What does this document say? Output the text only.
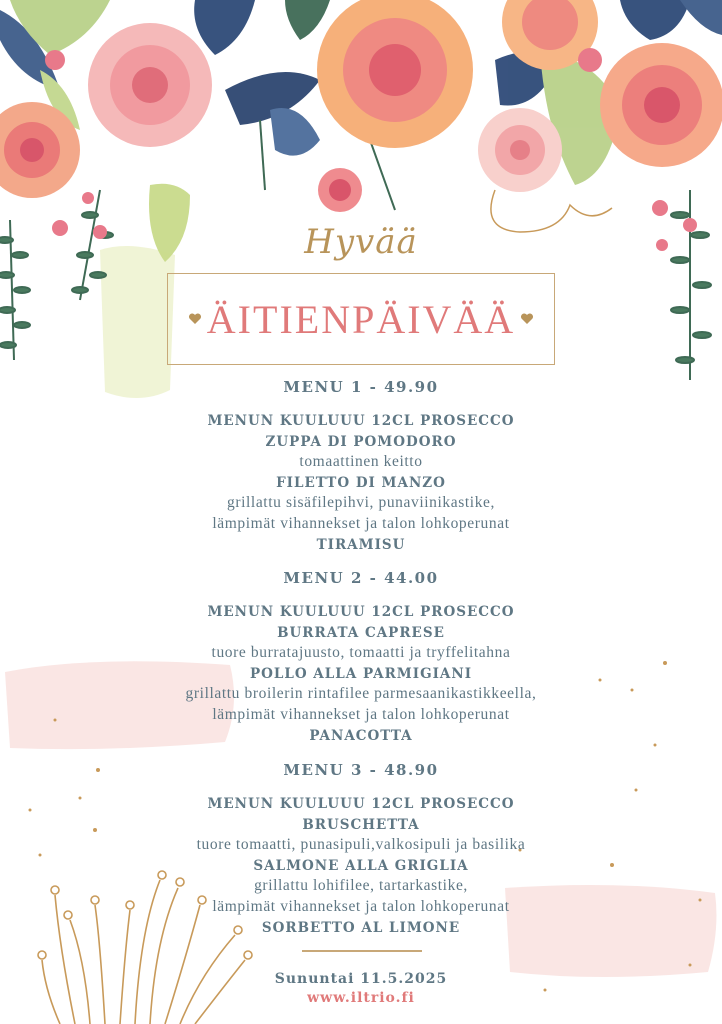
Hyvää
ÄITIENPÄIVÄÄ
MENU 1 - 49.90
MENUN KUULUUU 12CL PROSECCO
ZUPPA DI POMODORO
tomaattinen keitto
FILETTO DI MANZO
grillattu sisäfilepihvi, punaviinikastike,
lämpimät vihannekset ja talon lohkoperunat
TIRAMISU
MENU 2 - 44.00
MENUN KUULUUU 12CL PROSECCO
BURRATA CAPRESE
tuore burratajuusto, tomaatti ja tryffelitahna
POLLO ALLA PARMIGIANI
grillattu broilerin rintafilee parmesaanikastikkeella,
lämpimät vihannekset ja talon lohkoperunat
PANACOTTA
MENU 3 - 48.90
MENUN KUULUUU 12CL PROSECCO
BRUSCHETTA
tuore tomaatti, punasipuli,valkosipuli ja basilika
SALMONE ALLA GRIGLIA
grillattu lohifilee, tartarkastike,
lämpimät vihannekset ja talon lohkoperunat
SORBETTO AL LIMONE
Sununtai 11.5.2025
www.iltrio.fi
